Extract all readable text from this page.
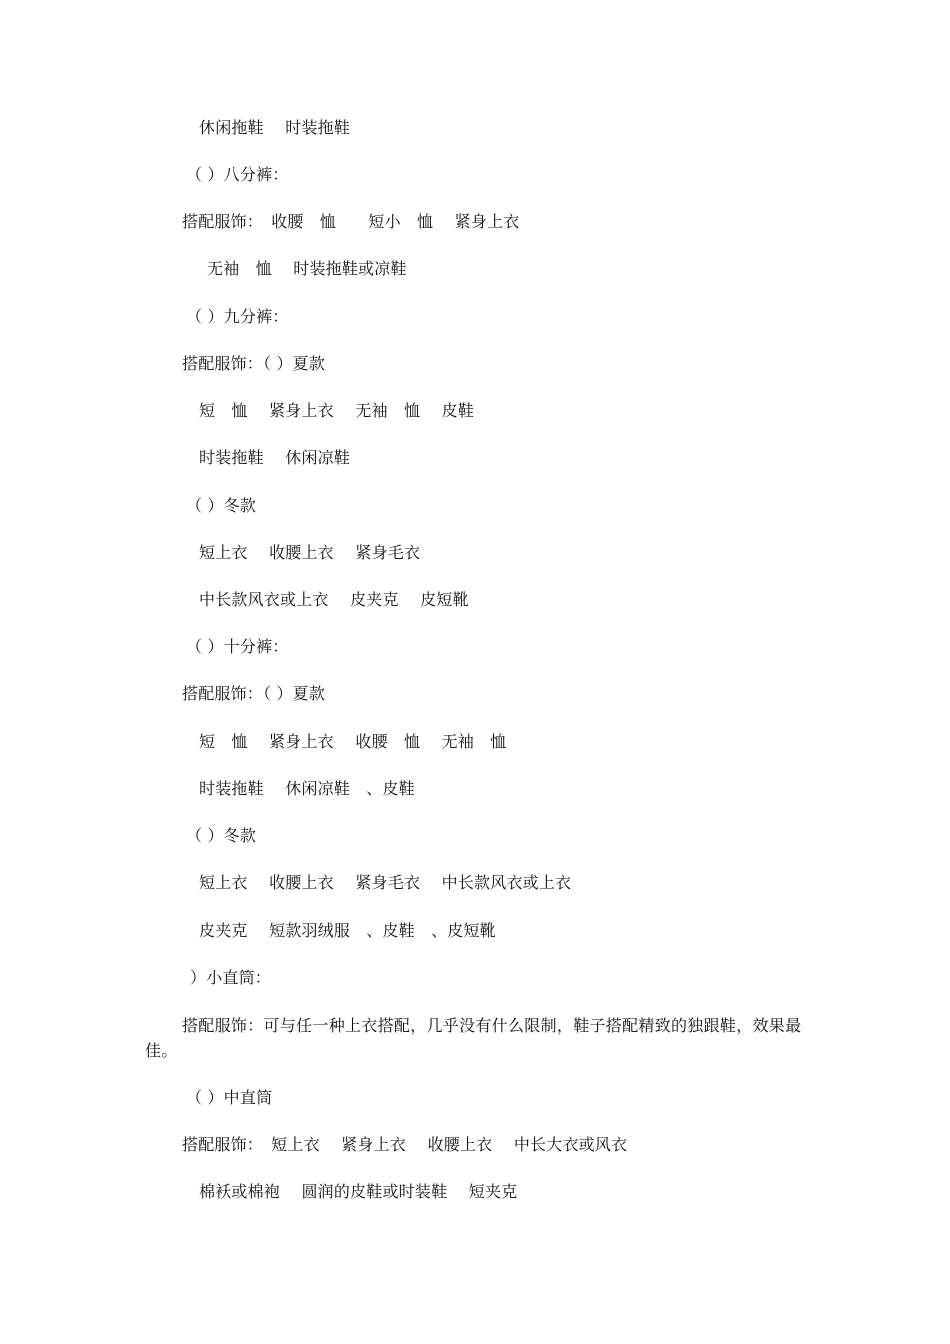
休闲拖鞋　 时装拖鞋
（ ）八分裤：
搭配服饰：　收腰　恤　　短小　恤　 紧身上衣
无袖　恤　 时装拖鞋或凉鞋
（ ）九分裤：
搭配服饰：（ ）夏款
短　恤　 紧身上衣　 无袖　恤　 皮鞋
时装拖鞋　 休闲凉鞋
（ ）冬款
短上衣　 收腰上衣　 紧身毛衣
中长款风衣或上衣　 皮夹克　 皮短靴
（ ）十分裤：
搭配服饰：（ ）夏款
短　恤　 紧身上衣　 收腰　恤　 无袖　恤
时装拖鞋　 休闲凉鞋　、皮鞋
（ ）冬款
短上衣　 收腰上衣　 紧身毛衣　 中长款风衣或上衣
皮夹克　 短款羽绒服　、皮鞋　、皮短靴
）小直筒：
搭配服饰：可与任一种上衣搭配，几乎没有什么限制，鞋子搭配精致的独跟鞋，效果最佳。
（ ）中直筒
搭配服饰：　短上衣　 紧身上衣　 收腰上衣　 中长大衣或风衣
棉袄或棉袍　 圆润的皮鞋或时装鞋　 短夹克
